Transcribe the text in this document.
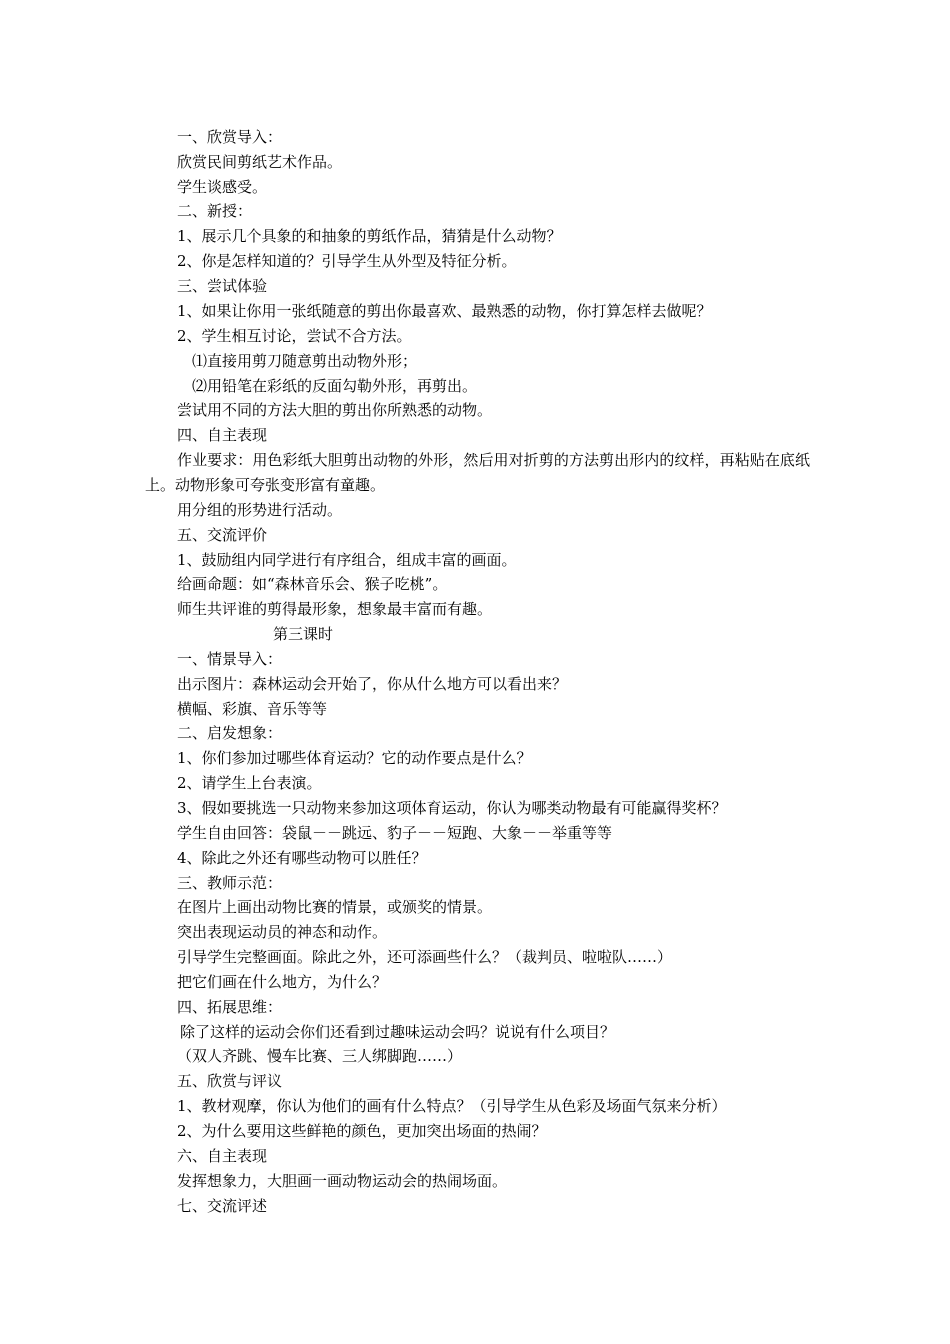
一、欣赏导入：
欣赏民间剪纸艺术作品。
学生谈感受。
二、新授：
1、展示几个具象的和抽象的剪纸作品，猜猜是什么动物？
2、你是怎样知道的？引导学生从外型及特征分析。
三、尝试体验
1、如果让你用一张纸随意的剪出你最喜欢、最熟悉的动物，你打算怎样去做呢？
2、学生相互讨论，尝试不合方法。
⑴直接用剪刀随意剪出动物外形；
⑵用铅笔在彩纸的反面勾勒外形，再剪出。
尝试用不同的方法大胆的剪出你所熟悉的动物。
四、自主表现
作业要求：用色彩纸大胆剪出动物的外形，然后用对折剪的方法剪出形内的纹样，再粘贴在底纸上。动物形象可夸张变形富有童趣。
用分组的形势进行活动。
五、交流评价
1、鼓励组内同学进行有序组合，组成丰富的画面。
给画命题：如“森林音乐会、猴子吃桃”。
师生共评谁的剪得最形象，想象最丰富而有趣。
第三课时
一、情景导入：
出示图片：森林运动会开始了，你从什么地方可以看出来？
横幅、彩旗、音乐等等
二、启发想象：
1、你们参加过哪些体育运动？它的动作要点是什么？
2、请学生上台表演。
3、假如要挑选一只动物来参加这项体育运动，你认为哪类动物最有可能赢得奖杯？
学生自由回答：袋鼠－－跳远、豹子－－短跑、大象－－举重等等
4、除此之外还有哪些动物可以胜任？
三、教师示范：
在图片上画出动物比赛的情景，或颁奖的情景。
突出表现运动员的神态和动作。
引导学生完整画面。除此之外，还可添画些什么？（裁判员、啦啦队……）
把它们画在什么地方，为什么？
四、拓展思维：
除了这样的运动会你们还看到过趣味运动会吗？说说有什么项目？
（双人齐跳、慢车比赛、三人绑脚跑……）
五、欣赏与评议
1、教材观摩，你认为他们的画有什么特点？（引导学生从色彩及场面气氛来分析）
2、为什么要用这些鲜艳的颜色，更加突出场面的热闹？
六、自主表现
发挥想象力，大胆画一画动物运动会的热闹场面。
七、交流评述
